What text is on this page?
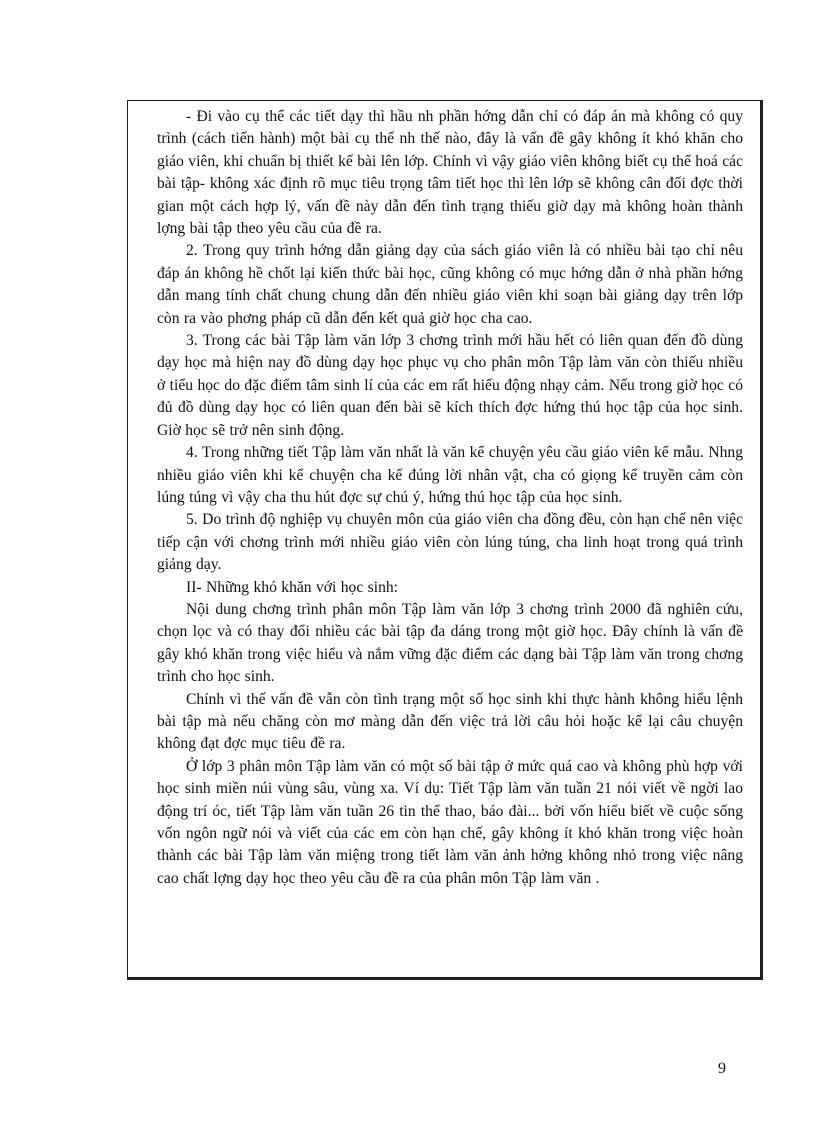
- Đi vào cụ thể các tiết dạy thì hầu nh phần hớng dẫn chỉ có đáp án mà không có quy trình (cách tiến hành) một bài cụ thể nh thế nào, đây là vấn đề gây không ít khó khăn cho giáo viên, khi chuẩn bị thiết kế bài lên lớp. Chính vì vậy giáo viên không biết cụ thể hoá các bài tập- không xác định rõ mục tiêu trọng tâm tiết học thì lên lớp sẽ không cân đối đợc thời gian một cách hợp lý, vấn đề này dẫn đến tình trạng thiếu giờ dạy mà không hoàn thành lợng bài tập theo yêu cầu của đề ra.

2. Trong quy trình hớng dẫn giảng dạy của sách giáo viên là có nhiều bài tạo chỉ nêu đáp án không hề chốt lại kiến thức bài học, cũng không có mục hớng dẫn ở nhà phần hớng dẫn mang tính chất chung chung dẫn đến nhiều giáo viên khi soạn bài giảng dạy trên lớp còn ra vào phơng pháp cũ dẫn đến kết quả giờ học cha cao.

3. Trong các bài Tập làm văn lớp 3 chơng trình mới hầu hết có liên quan đến đồ dùng dạy học mà hiện nay đồ dùng dạy học phục vụ cho phân môn Tập làm văn còn thiếu nhiều ở tiểu học do đặc điểm tâm sinh lí của các em rất hiếu động nhạy cảm. Nếu trong giờ học có đủ đồ dùng dạy học có liên quan đến bài sẽ kích thích đợc hứng thú học tập của học sinh. Giờ học sẽ trở nên sinh động.

4. Trong những tiết Tập làm văn nhất là văn kể chuyện yêu cầu giáo viên kể mẫu. Nhng nhiều giáo viên khi kể chuyện cha kể đúng lời nhân vật, cha có giọng kể truyền cảm còn lúng túng vì vậy cha thu hút đợc sự chú ý, hứng thú học tập của học sinh.

5. Do trình độ nghiệp vụ chuyên môn của giáo viên cha đồng đều, còn hạn chế nên việc tiếp cận với chơng trình mới nhiều giáo viên còn lúng túng, cha linh hoạt trong quá trình giảng dạy.

II- Những khó khăn với học sinh:

Nội dung chơng trình phân môn Tập làm văn lớp 3 chơng trình 2000 đã nghiên cứu, chọn lọc và có thay đổi nhiều các bài tập đa dáng trong một giờ học. Đây chính là vấn đề gây khó khăn trong việc hiểu và nắm vững đặc điểm các dạng bài Tập làm văn trong chơng trình cho học sinh.

Chính vì thế vấn đề vẫn còn tình trạng một số học sinh khi thực hành không hiểu lệnh bài tập mà nếu chăng còn mơ màng dẫn đến việc trả lời câu hỏi hoặc kể lại câu chuyện không đạt đợc mục tiêu đề ra.

Ở lớp 3 phân môn Tập làm văn có một số bài tập ở mức quá cao và không phù hợp với học sinh miền núi vùng sâu, vùng xa. Ví dụ: Tiết Tập làm văn tuần 21 nói viết về ngời lao động trí óc, tiết Tập làm văn tuần 26 tin thể thao, báo đài... bởi vốn hiểu biết về cuộc sống vốn ngôn ngữ nói và viết của các em còn hạn chế, gây không ít khó khăn trong việc hoàn thành các bài Tập làm văn miệng trong tiết làm văn ảnh hởng không nhỏ trong việc nâng cao chất lợng dạy học theo yêu cầu đề ra của phân môn Tập làm văn .

9
